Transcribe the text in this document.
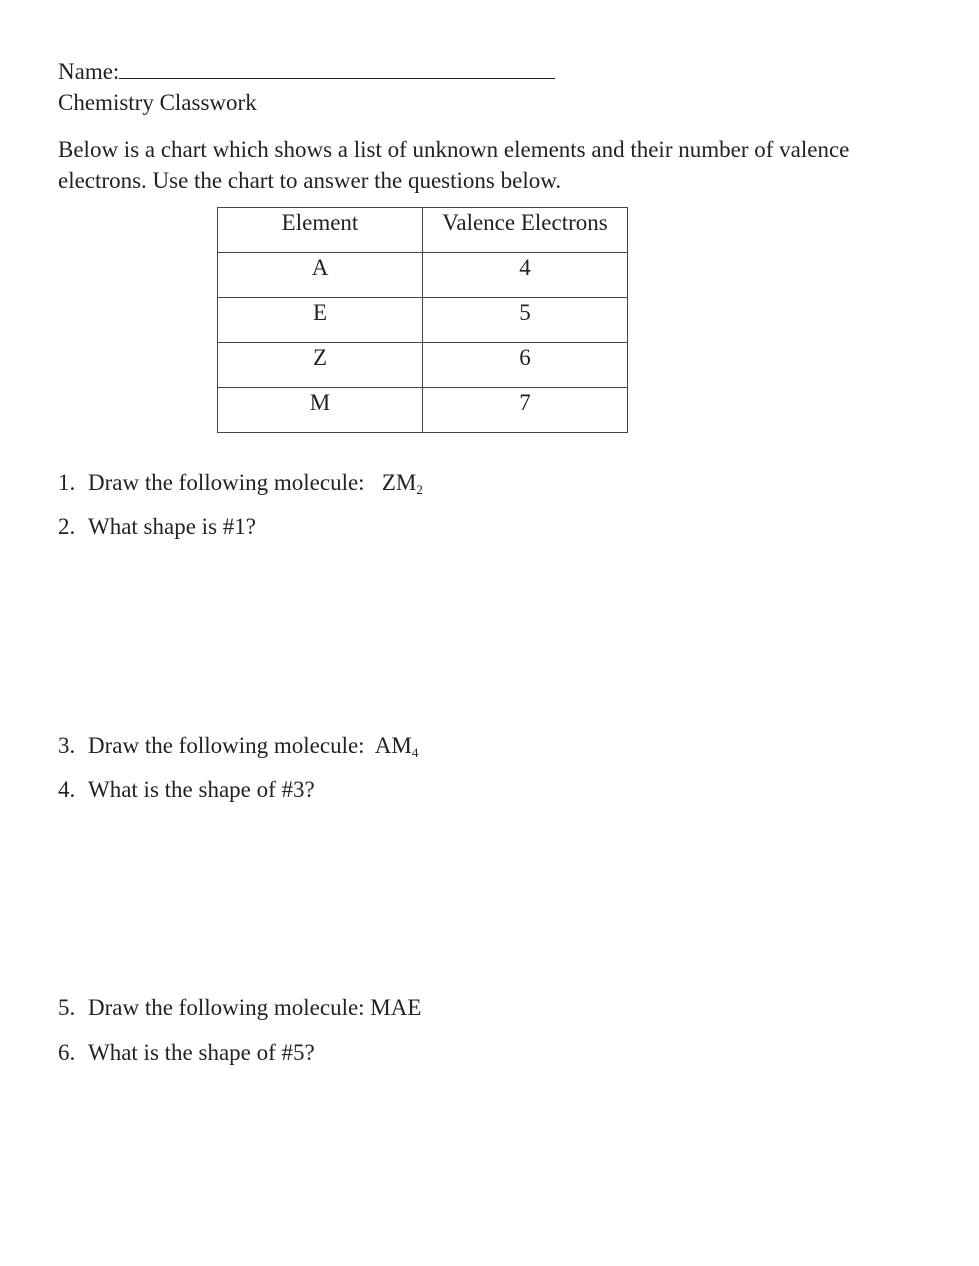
Name:
Chemistry Classwork
Below is a chart which shows a list of unknown elements and their number of valence electrons. Use the chart to answer the questions below.
Element	Valence Electrons
A	4
E	5
Z	6
M	7
1. Draw the following molecule:   $ZM_2$
2. What shape is #1?
3. Draw the following molecule:  $AM_4$
4. What is the shape of #3?
5. Draw the following molecule: MAE
6. What is the shape of #5?
